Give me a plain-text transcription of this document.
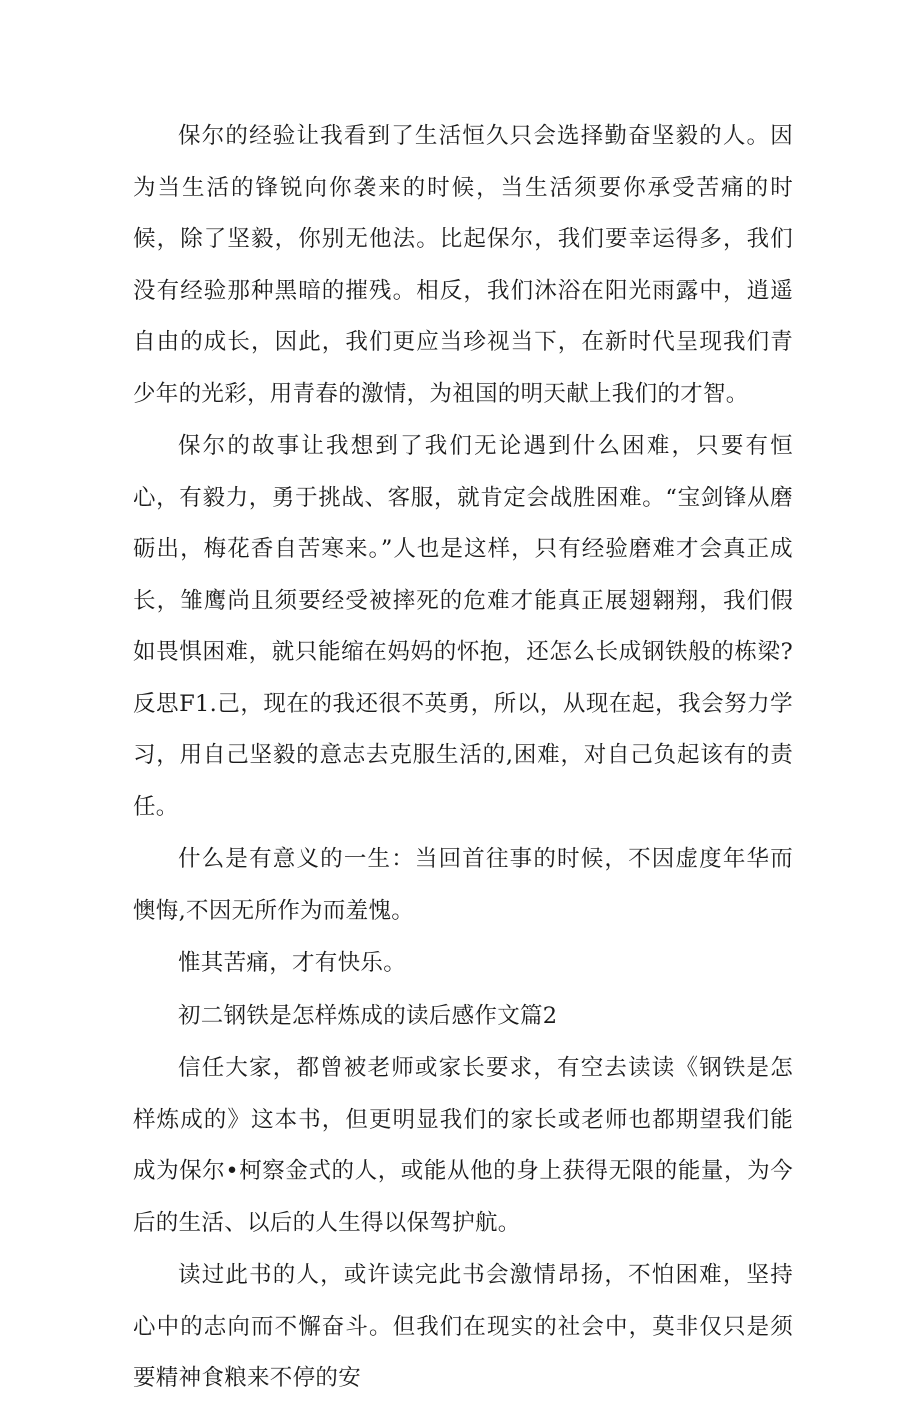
保尔的经验让我看到了生活恒久只会选择勤奋坚毅的人。因为当生活的锋锐向你袭来的时候，当生活须要你承受苦痛的时候，除了坚毅，你别无他法。比起保尔，我们要幸运得多，我们没有经验那种黑暗的摧残。相反，我们沐浴在阳光雨露中，逍遥自由的成长，因此，我们更应当珍视当下，在新时代呈现我们青少年的光彩，用青春的激情，为祖国的明天献上我们的才智。

保尔的故事让我想到了我们无论遇到什么困难，只要有恒心，有毅力，勇于挑战、客服，就肯定会战胜困难。“宝剑锋从磨砺出，梅花香自苦寒来。”人也是这样，只有经验磨难才会真正成长，雏鹰尚且须要经受被摔死的危难才能真正展翅翱翔，我们假如畏惧困难，就只能缩在妈妈的怀抱，还怎么长成钢铁般的栋梁?反思F1.己，现在的我还很不英勇，所以，从现在起，我会努力学习，用自己坚毅的意志去克服生活的,困难，对自己负起该有的责任。

什么是有意义的一生：当回首往事的时候，不因虚度年华而懊悔,不因无所作为而羞愧。

惟其苦痛，才有快乐。

初二钢铁是怎样炼成的读后感作文篇2

信任大家，都曾被老师或家长要求，有空去读读《钢铁是怎样炼成的》这本书，但更明显我们的家长或老师也都期望我们能成为保尔•柯察金式的人，或能从他的身上获得无限的能量，为今后的生活、以后的人生得以保驾护航。

读过此书的人，或许读完此书会激情昂扬，不怕困难，坚持心中的志向而不懈奋斗。但我们在现实的社会中，莫非仅只是须要精神食粮来不停的安
